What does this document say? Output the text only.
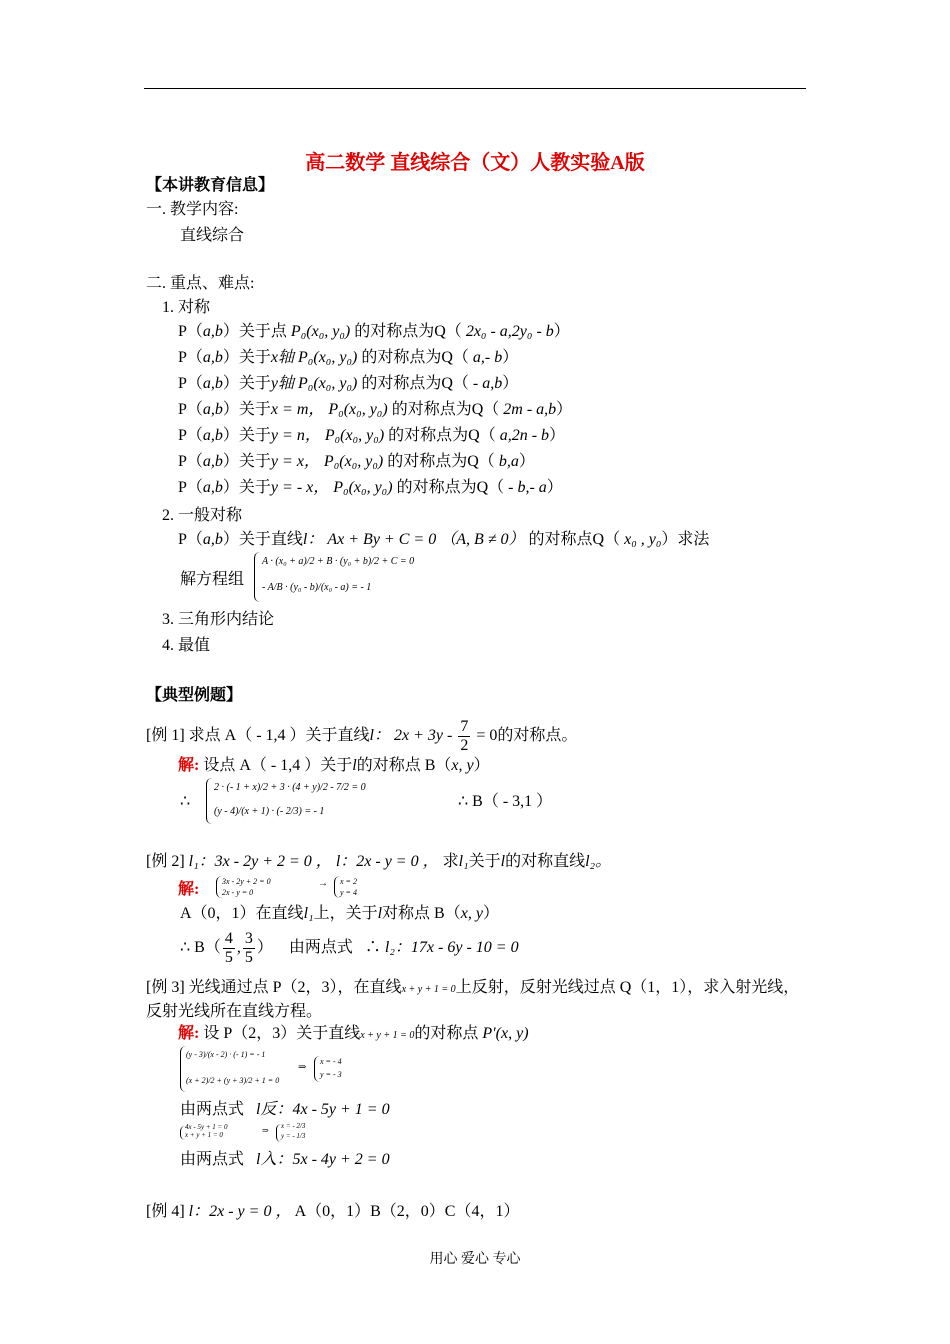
高二数学 直线综合（文）人教实验A版
【本讲教育信息】
一. 教学内容:
直线综合
二. 重点、难点:
1. 对称
P（a,b）关于点 P₀(x₀, y₀) 的对称点为Q（ 2x₀ - a,2y₀ - b）
P（a,b）关于x轴 P₀(x₀, y₀) 的对称点为Q（ a,- b）
P（a,b）关于y轴 P₀(x₀, y₀) 的对称点为Q（ - a,b）
P（a,b）关于x = m， P₀(x₀, y₀) 的对称点为Q（ 2m - a,b）
P（a,b）关于y = n， P₀(x₀, y₀) 的对称点为Q（ a,2n - b）
P（a,b）关于y = x， P₀(x₀, y₀) 的对称点为Q（ b,a）
P（a,b）关于y = - x， P₀(x₀, y₀) 的对称点为Q（ - b,- a）
2. 一般对称
P（a,b）关于直线l： Ax + By + C = 0 （A, B ≠ 0） 的对称点Q（ x₀ , y₀）求法
解方程组
A · (x₀ + a)/2 + B · (y₀ + b)/2 + C = 0
- A/B · (y₀ - b)/(x₀ - a) = - 1
3. 三角形内结论
4. 最值
【典型例题】
[例 1] 求点 A（ - 1,4 ）关于直线l： $2x + 3y - \frac{7}{2} = 0$的对称点。
解: 设点 A（ - 1,4 ）关于l的对称点 B（x, y）
∴
2 · (- 1 + x)/2 + 3 · (4 + y)/2 - 7/2 = 0
(y - 4)/(x + 1) · (- 2/3) = - 1
∴ B（ - 3,1 ）
[例 2] l₁：3x - 2y + 2 = 0 ， l：2x - y = 0 ， 求l₁关于l的对称直线l₂。
解:	3x - 2y + 2 = 0
2x - y = 0
→ x = 2
y = 4
A（0，1）在直线l₁上，关于l对称点 B（x, y）
∴ $B( \frac{4}{5}$ , $\frac{3}{5}$ ） 由两点式 ∴ l₂：17x - 6y - 10 = 0
[例 3] 光线通过点 P（2，3），在直线x + y + 1 = 0上反射，反射光线过点 Q（1，1），求入射光线，
反射光线所在直线方程。
解: 设 P（2，3）关于直线x + y + 1 = 0的对称点 P′(x, y)
(y - 3)/(x - 2) · (- 1) = - 1
(x + 2)/2 + (y + 3)/2 + 1 = 0
⇒
x = - 4
y = - 3
由两点式 l反：4x - 5y + 1 = 0
4x - 5y + 1 = 0
x + y + 1 = 0	⇒ x = - 2/3
y = - 1/3
由两点式 l入：5x - 4y + 2 = 0
[例 4] l：2x - y = 0 ， A（0，1）B（2，0）C（4，1）
用心 爱心 专心
